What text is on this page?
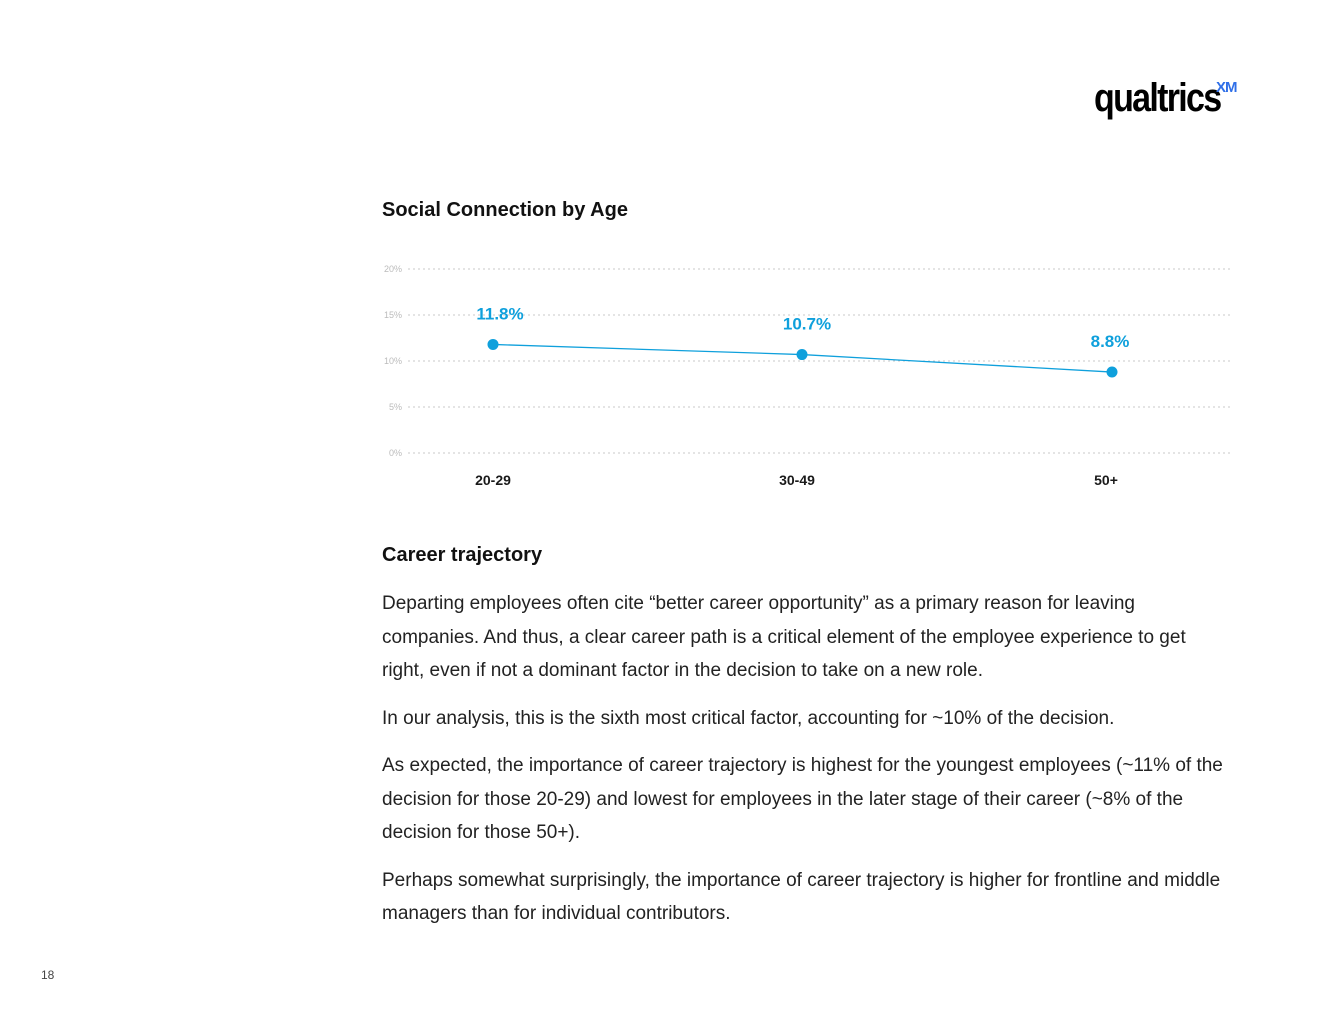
qualtrics
XM
Social Connection by Age
0%
5%
10%
15%
20%
11.8%
10.7%
8.8%
20-29	30-49	50+
Career trajectory

Departing employees often cite “better career opportunity” as a primary reason for leaving companies. And thus, a clear career path is a critical element of the employee experience to get right, even if not a dominant factor in the decision to take on a new role.

In our analysis, this is the sixth most critical factor, accounting for ~10% of the decision.

As expected, the importance of career trajectory is highest for the youngest employees (~11% of the decision for those 20-29) and lowest for employees in the later stage of their career (~8% of the decision for those 50+).

Perhaps somewhat surprisingly, the importance of career trajectory is higher for frontline and middle managers than for individual contributors.

18
